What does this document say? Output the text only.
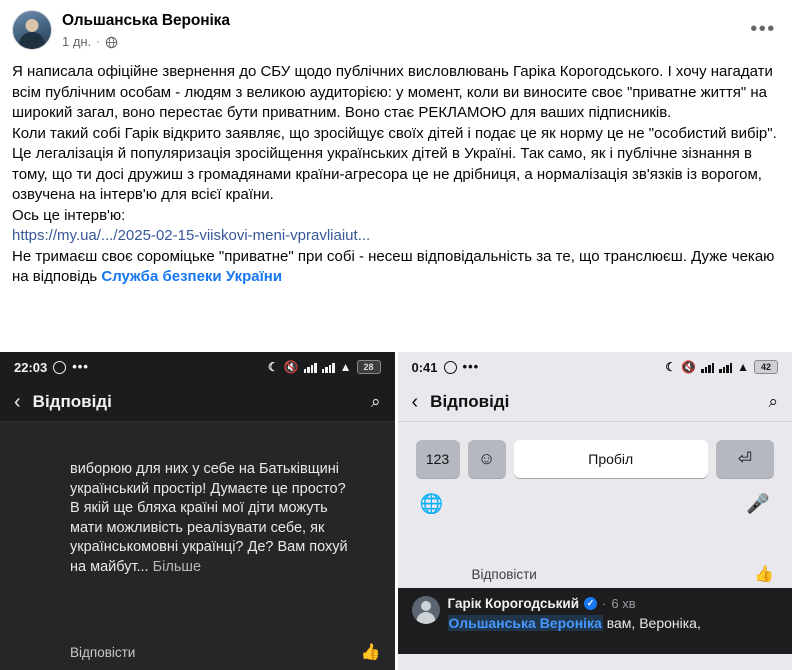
Ольшанська Вероніка
1 дн. ·
•••

Я написала офіційне звернення до СБУ щодо публічних висловлювань Гаріка Корогодського. І хочу нагадати всім публічним особам - людям з великою аудиторією: у момент, коли ви виносите своє "приватне життя" на широкий загал, воно перестає бути приватним. Воно стає РЕКЛАМОЮ для ваших підписників.

Коли такий собі Гарік відкрито заявляє, що зросійщує своїх дітей і подає це як норму це не "особистий вибір". Це легалізація й популяризація зросійщення українських дітей в Україні. Так само, як і публічне зізнання в тому, що ти досі дружиш з громадянами країни-агресора це не дрібниця, а нормалізація зв'язків із ворогом, озвучена на інтерв'ю для всієї країни.

Ось це інтерв'ю:

https://my.ua/.../2025-02-15-viiskovi-meni-vpravliaiut...

Не тримаєш своє сороміцьке "приватне" при собі - несеш відповідальність за те, що транслюєш. Дуже чекаю на відповідь Служба безпеки України

22:03 •••	☾ 🔇	▲	28
‹ Відповіді	⌕
виборюю для них у себе на Батьківщині український простір! Думаєте це просто? В якій ще бляха країні мої діти можуть мати можливість реалізувати себе, як українськомовні українці? Де? Вам похуй на майбут... Більше
Відповісти	👍
0:41 •••	☾ 🔇	▲	42
‹ Відповіді	⌕
123	☺	Пробіл	⏎
🌐	🎤
Відповісти	👍
Гарік Корогодський ✓ · 6 хв
Ольшанська Вероніка вам, Вероніка,
